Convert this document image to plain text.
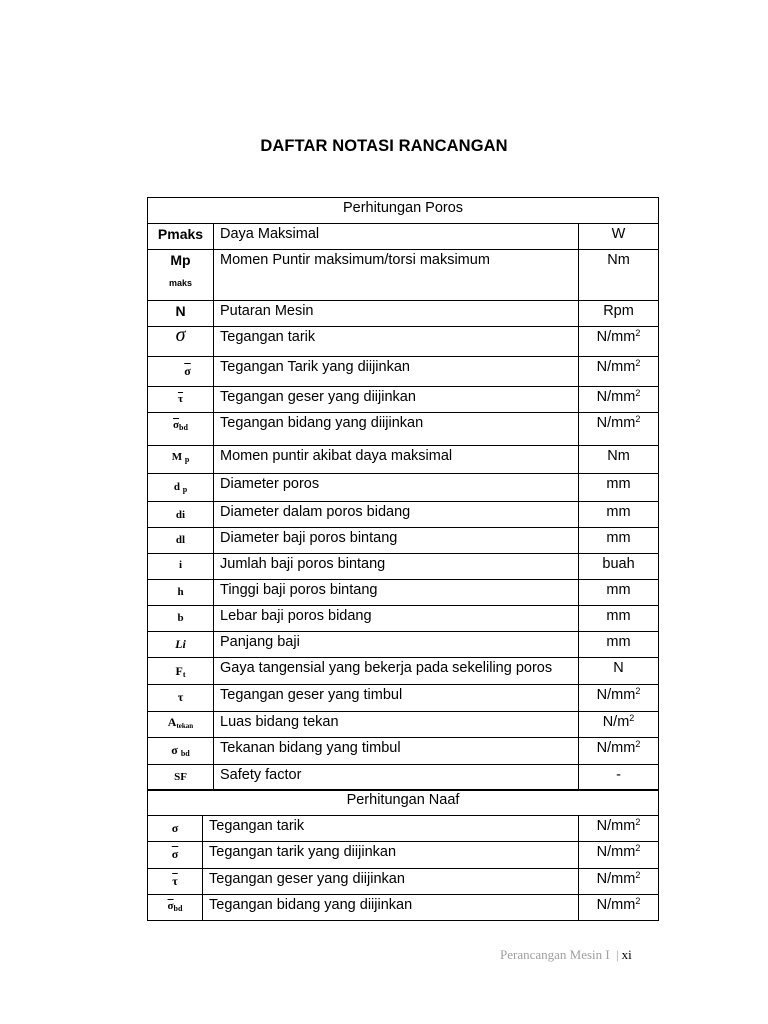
DAFTAR NOTASI RANCANGAN
Perhitungan Poros		
Pmaks	Daya Maksimal	W

Mp
maks	Momen Puntir maksimum/torsi maksimum	Nm
N	Putaran Mesin	Rpm
σ	Tegangan tarik	$N/mm^2$
$\overline{\sigma}$	Tegangan Tarik yang diijinkan	$N/mm^2$
$\overline{\tau}$	Tegangan geser yang diijinkan	$N/mm^2$
$\overline{\sigma}_{bd}$	Tegangan bidang yang diijinkan	$N/mm^2$
M $_p$	Momen puntir akibat daya maksimal	Nm
d $_p$	Diameter poros	mm
di	Diameter dalam poros bidang	mm
dl	Diameter baji poros bintang	mm
i	Jumlah baji poros bintang	buah
h	Tinggi baji poros bintang	mm
b	Lebar baji poros bidang	mm
Li	Panjang baji	mm
$F_t$	Gaya tangensial yang bekerja pada sekeliling poros	N
τ	Tegangan geser yang timbul	$N/mm^2$
$A_{tekan}$	Luas bidang tekan	$N/m^2$
σ $_{bd}$	Tekanan bidang yang timbul	$N/mm^2$
SF	Safety factor	-
Perhitungan Naaf		
σ	Tegangan tarik	$N/mm^2$
$\overline{\sigma}$	Tegangan tarik yang diijinkan	$N/mm^2$
$\overline{\tau}$	Tegangan geser yang diijinkan	$N/mm^2$
$\overline{\sigma}_{bd}$	Tegangan bidang yang diijinkan	$N/mm^2$
Perancangan Mesin I | xi
